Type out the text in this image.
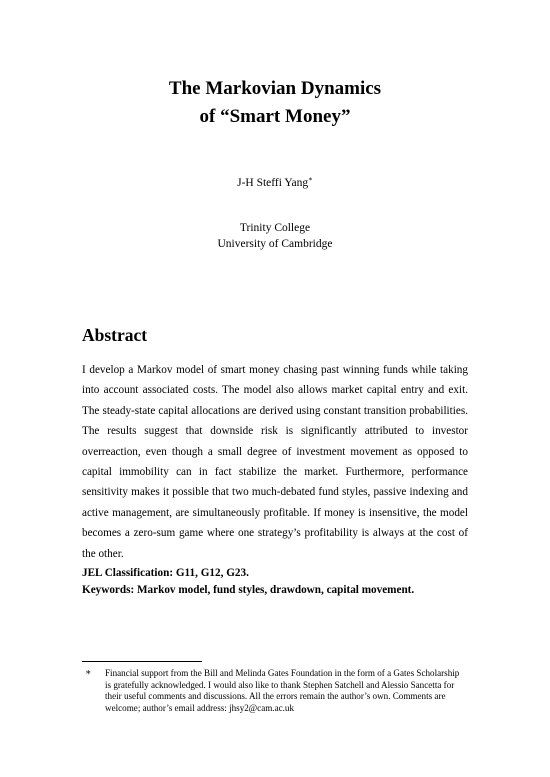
The Markovian Dynamics
of “Smart Money”
J-H Steffi Yang∗
Trinity College
University of Cambridge
Abstract
I develop a Markov model of smart money chasing past winning funds while taking into account associated costs. The model also allows market capital entry and exit. The steady-state capital allocations are derived using constant transition probabilities. The results suggest that downside risk is significantly attributed to investor overreaction, even though a small degree of investment movement as opposed to capital immobility can in fact stabilize the market. Furthermore, performance sensitivity makes it possible that two much-debated fund styles, passive indexing and active management, are simultaneously profitable. If money is insensitive, the model becomes a zero-sum game where one strategy’s profitability is always at the cost of the other.
JEL Classification: G11, G12, G23.
Keywords: Markov model, fund styles, drawdown, capital movement.
∗ Financial support from the Bill and Melinda Gates Foundation in the form of a Gates Scholarship is gratefully acknowledged. I would also like to thank Stephen Satchell and Alessio Sancetta for their useful comments and discussions. All the errors remain the author’s own. Comments are welcome; author’s email address: jhsy2@cam.ac.uk
